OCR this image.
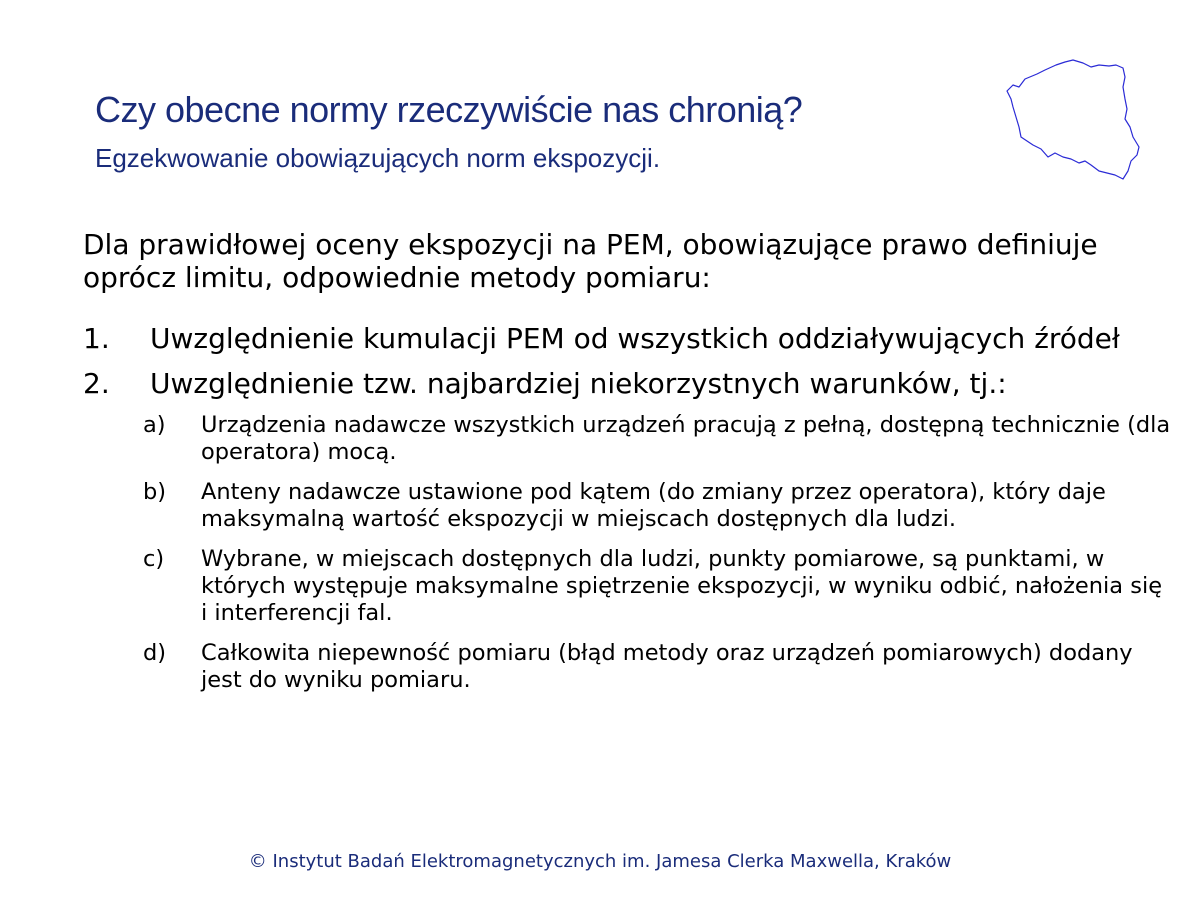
Czy obecne normy rzeczywiście nas chronią?

Egzekwowanie obowiązujących norm ekspozycji.

Dla prawidłowej oceny ekspozycji na PEM, obowiązujące prawo definiuje oprócz limitu, odpowiednie metody pomiaru:

1. Uwzględnienie kumulacji PEM od wszystkich oddziaływujących źródeł
2. Uwzględnienie tzw. najbardziej niekorzystnych warunków, tj.:
a) Urządzenia nadawcze wszystkich urządzeń pracują z pełną, dostępną technicznie (dla operatora) mocą.
b) Anteny nadawcze ustawione pod kątem (do zmiany przez operatora), który daje maksymalną wartość ekspozycji w miejscach dostępnych dla ludzi.
c) Wybrane, w miejscach dostępnych dla ludzi, punkty pomiarowe, są punktami, w których występuje maksymalne spiętrzenie ekspozycji, w wyniku odbić, nałożenia się i interferencji fal.
d) Całkowita niepewność pomiaru (błąd metody oraz urządzeń pomiarowych) dodany jest do wyniku pomiaru.

© Instytut Badań Elektromagnetycznych im. Jamesa Clerka Maxwella, Kraków
